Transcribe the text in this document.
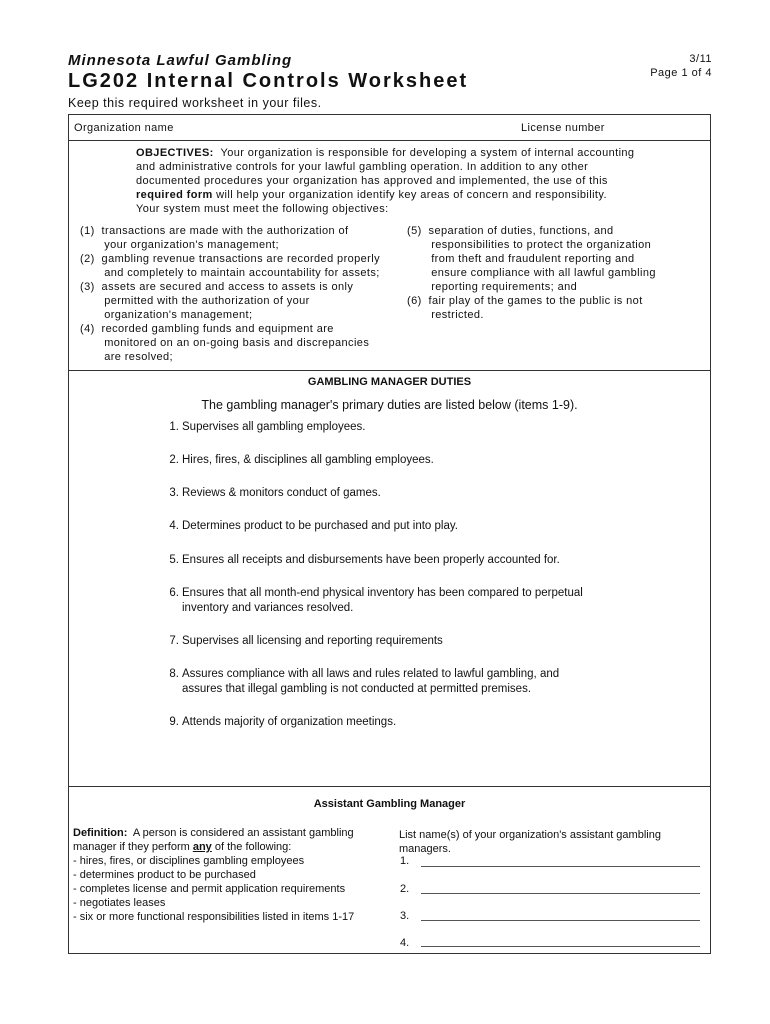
Minnesota Lawful Gambling
LG202 Internal Controls Worksheet
Keep this required worksheet in your files.
3/11
Page 1 of 4
Organization name	License number
OBJECTIVES: Your organization is responsible for developing a system of internal accounting
and administrative controls for your lawful gambling operation. In addition to any other
documented procedures your organization has approved and implemented, the use of this
required form will help your organization identify key areas of concern and responsibility.
Your system must meet the following objectives:
(1)  transactions are made with the authorization of
your organization's management;
(2)  gambling revenue transactions are recorded properly
and completely to maintain accountability for assets;
(3)  assets are secured and access to assets is only
permitted with the authorization of your
organization's management;
(4)  recorded gambling funds and equipment are
monitored on an on-going basis and discrepancies
are resolved;
(5)  separation of duties, functions, and
responsibilities to protect the organization
from theft and fraudulent reporting and
ensure compliance with all lawful gambling
reporting requirements; and
(6)  fair play of the games to the public is not
restricted.
GAMBLING MANAGER DUTIES
The gambling manager's primary duties are listed below (items 1-9).
1. Supervises all gambling employees.
2. Hires, fires, & disciplines all gambling employees.
3. Reviews & monitors conduct of games.
4. Determines product to be purchased and put into play.
5. Ensures all receipts and disbursements have been properly accounted for.
6. Ensures that all month-end physical inventory has been compared to perpetual
inventory and variances resolved.
7. Supervises all licensing and reporting requirements
8. Assures compliance with all laws and rules related to lawful gambling, and
assures that illegal gambling is not conducted at permitted premises.
9. Attends majority of organization meetings.
Assistant Gambling Manager
Definition:  A person is considered an assistant gambling
manager if they perform any of the following:
- hires, fires, or disciplines gambling employees
- determines product to be purchased
- completes license and permit application requirements
- negotiates leases
- six or more functional responsibilities listed in items 1-17
List name(s) of your organization's assistant gambling
managers.
1.
2.
3.
4.
